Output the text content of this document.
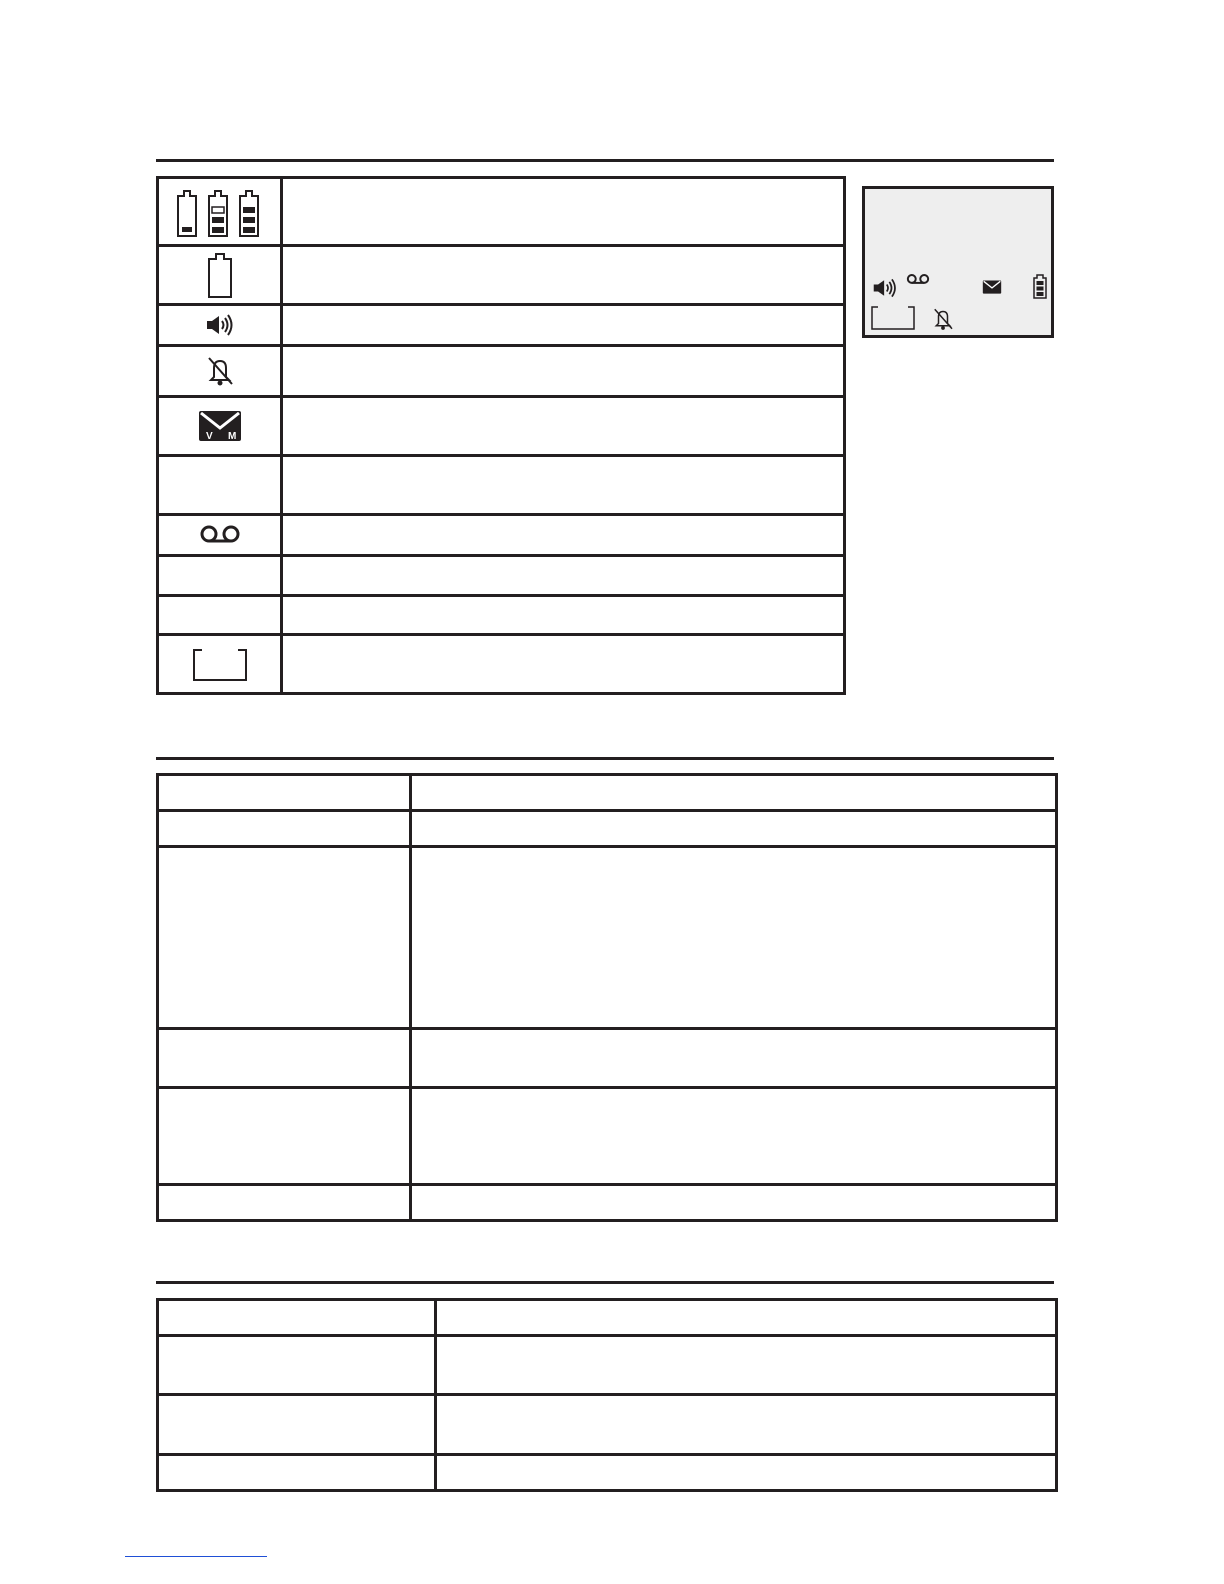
V M	
